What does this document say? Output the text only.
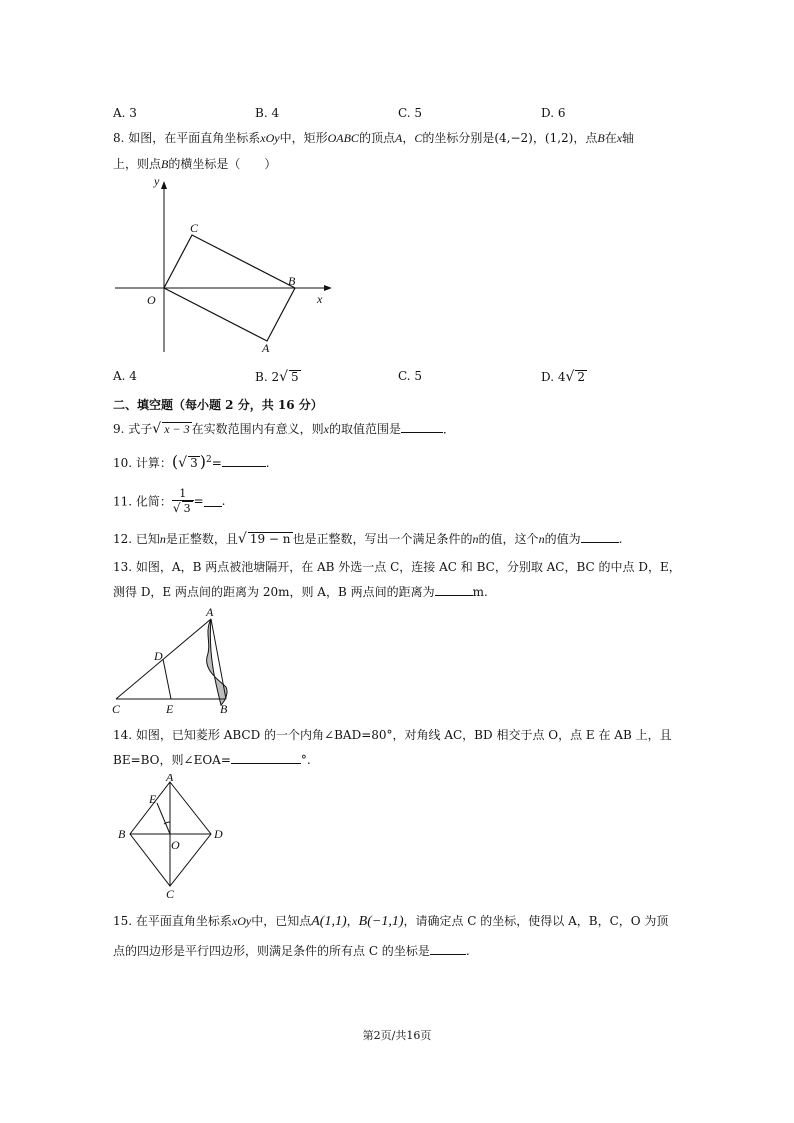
A. 3	B. 4	C. 5	D. 6
8. 如图，在平面直角坐标系xOy中，矩形OABC的顶点A，C的坐标分别是(4,−2)，(1,2)，点B在x轴
上，则点B的横坐标是（　　）
y
x
O
C
B
A
A. 4	B. 2√ 5	C. 5	D. 4√ 2
二、填空题（每小题 2 分，共 16 分）
9. 式子√ x − 3 在实数范围内有意义，则x的取值范围是	．
10. 计算：(√ 3 )$^2$=	.
11. 化简： $\frac{1}{√ 3}$ = .
12. 已知n是正整数，且√ 19 − n 也是正整数，写出一个满足条件的n的值，这个n的值为	.
13. 如图，A，B 两点被池塘隔开，在 AB 外选一点 C，连接 AC 和 BC，分别取 AC，BC 的中点 D，E，
测得 D，E 两点间的距离为 20m，则 A，B 两点间的距离为	m.
A
B
C
D
E
14. 如图，已知菱形 ABCD 的一个内角∠BAD=80°，对角线 AC，BD 相交于点 O，点 E 在 AB 上，且
BE=BO，则∠EOA=	°.
A
B
C
D
E
O
15. 在平面直角坐标系xOy中，已知点A(1,1)，B(−1,1)，请确定点 C 的坐标，使得以 A，B，C，O 为顶
点的四边形是平行四边形，则满足条件的所有点 C 的坐标是	.
第2页/共16页
